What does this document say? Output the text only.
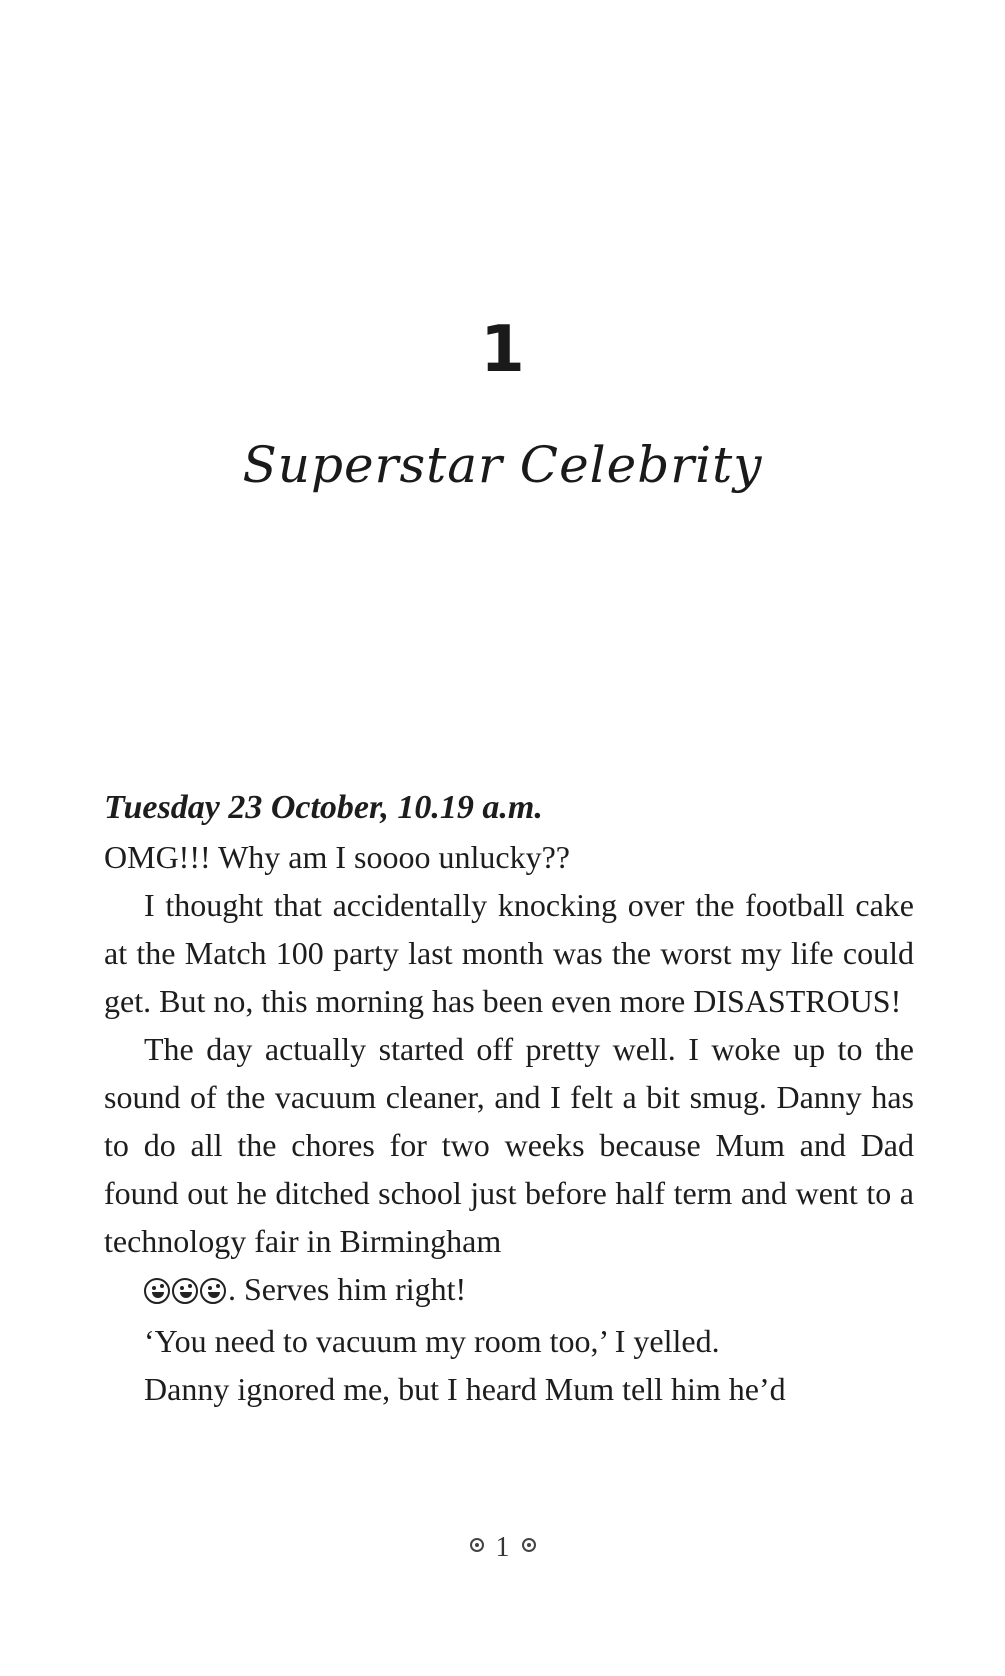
1
Superstar Celebrity
Tuesday 23 October, 10.19 a.m.

OMG!!! Why am I soooo unlucky??

I thought that accidentally knocking over the football cake at the Match 100 party last month was the worst my life could get. But no, this morning has been even more DISASTROUS!

The day actually started off pretty well. I woke up to the sound of the vacuum cleaner, and I felt a bit smug. Danny has to do all the chores for two weeks because Mum and Dad found out he ditched school just before half term and went to a technology fair in Birmingham
. Serves him right!

‘You need to vacuum my room too,’ I yelled.

Danny ignored me, but I heard Mum tell him he’d

1
